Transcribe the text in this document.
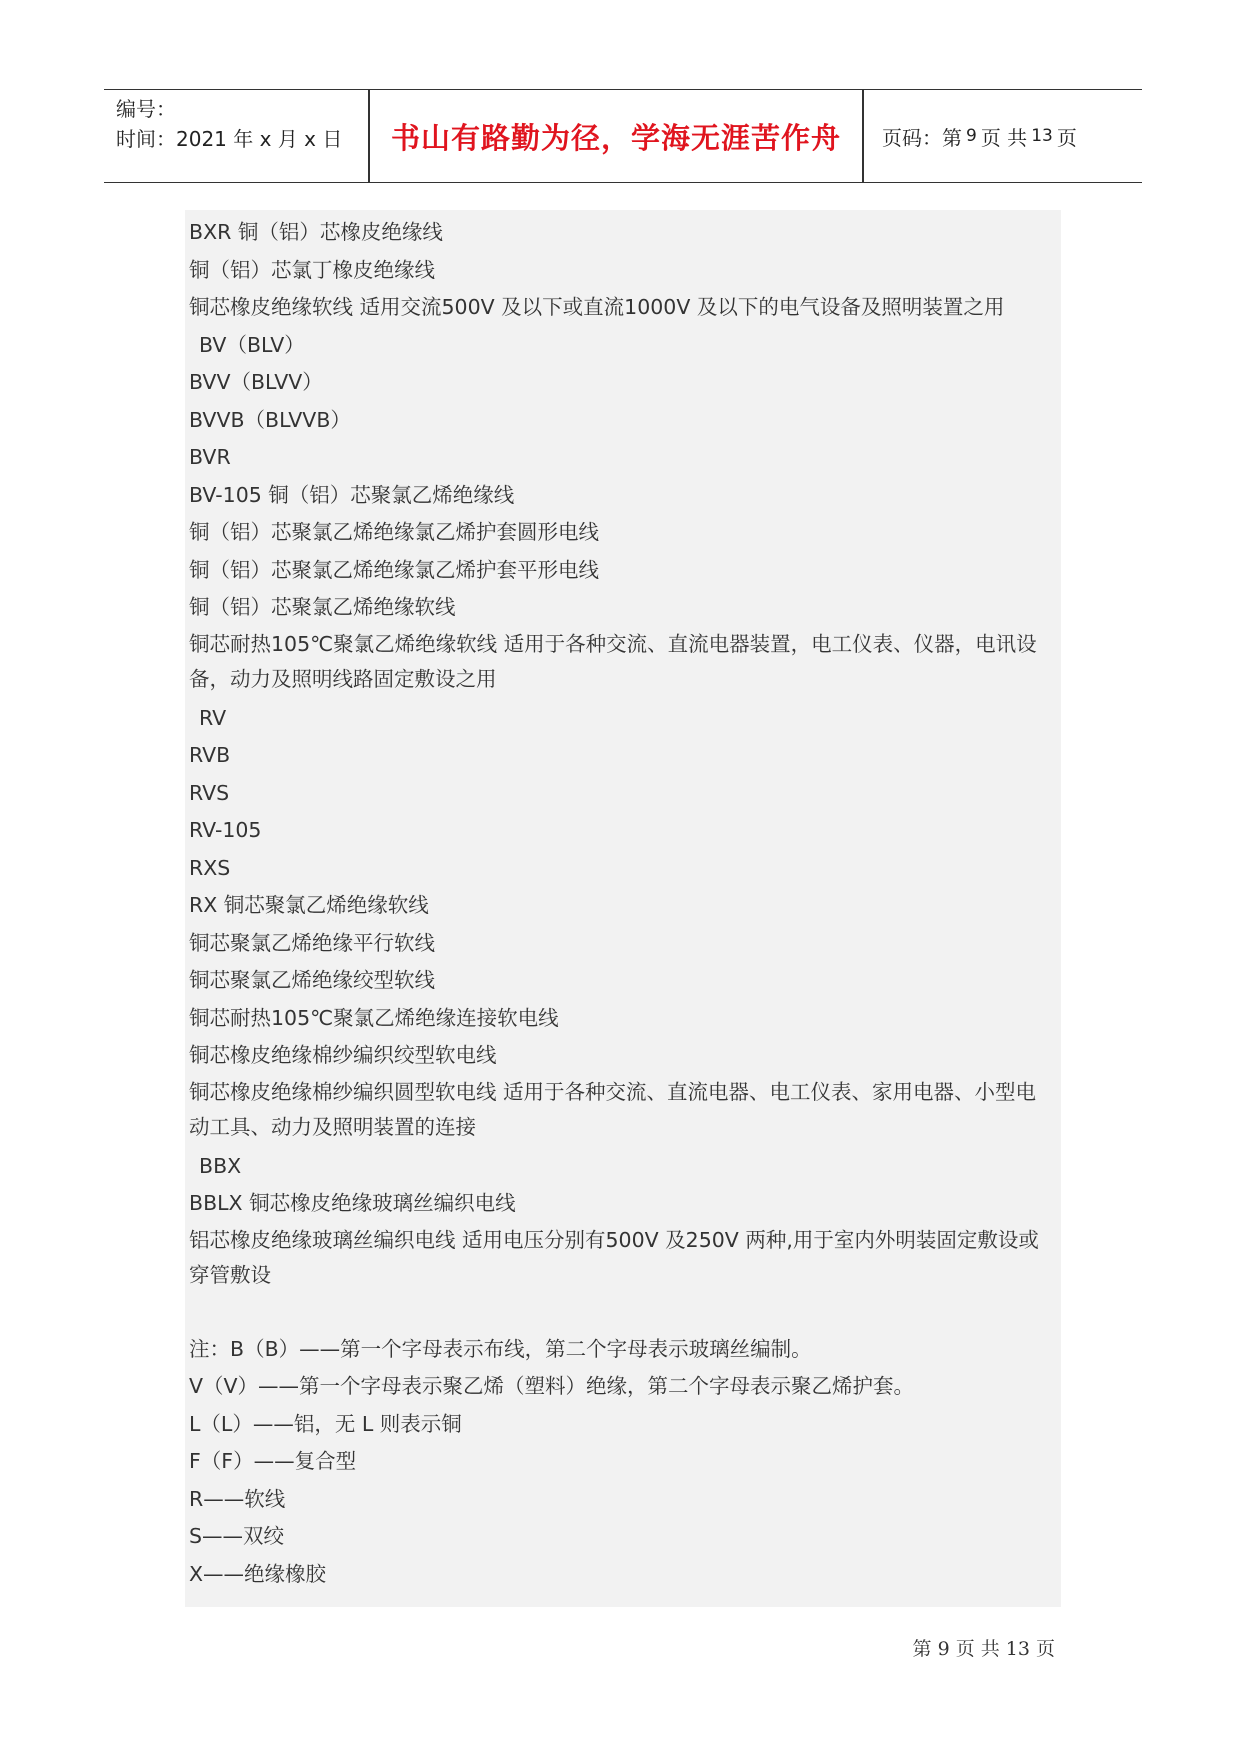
编号：
时间：2021 年 x 月 x 日	书山有路勤为径，学海无涯苦作舟	页码：第 9 页 共 13 页
BXR 铜（铝）芯橡皮绝缘线
铜（铝）芯氯丁橡皮绝缘线
铜芯橡皮绝缘软线 适用交流500V 及以下或直流1000V 及以下的电气设备及照明装置之用
BV（BLV）
BVV（BLVV）
BVVB（BLVVB）
BVR
BV-105 铜（铝）芯聚氯乙烯绝缘线
铜（铝）芯聚氯乙烯绝缘氯乙烯护套圆形电线
铜（铝）芯聚氯乙烯绝缘氯乙烯护套平形电线
铜（铝）芯聚氯乙烯绝缘软线
铜芯耐热105℃聚氯乙烯绝缘软线 适用于各种交流、直流电器装置，电工仪表、仪器，电讯设备，动力及照明线路固定敷设之用
RV
RVB
RVS
RV-105
RXS
RX 铜芯聚氯乙烯绝缘软线
铜芯聚氯乙烯绝缘平行软线
铜芯聚氯乙烯绝缘绞型软线
铜芯耐热105℃聚氯乙烯绝缘连接软电线
铜芯橡皮绝缘棉纱编织绞型软电线
铜芯橡皮绝缘棉纱编织圆型软电线 适用于各种交流、直流电器、电工仪表、家用电器、小型电动工具、动力及照明装置的连接
BBX
BBLX 铜芯橡皮绝缘玻璃丝编织电线
铝芯橡皮绝缘玻璃丝编织电线 适用电压分别有500V 及250V 两种,用于室内外明装固定敷设或穿管敷设
注：B（B）——第一个字母表示布线，第二个字母表示玻璃丝编制。
V（V）——第一个字母表示聚乙烯（塑料）绝缘，第二个字母表示聚乙烯护套。
L（L）——铝，无 L 则表示铜
F（F）——复合型
R——软线
S——双绞
X——绝缘橡胶
第 9 页 共 13 页
